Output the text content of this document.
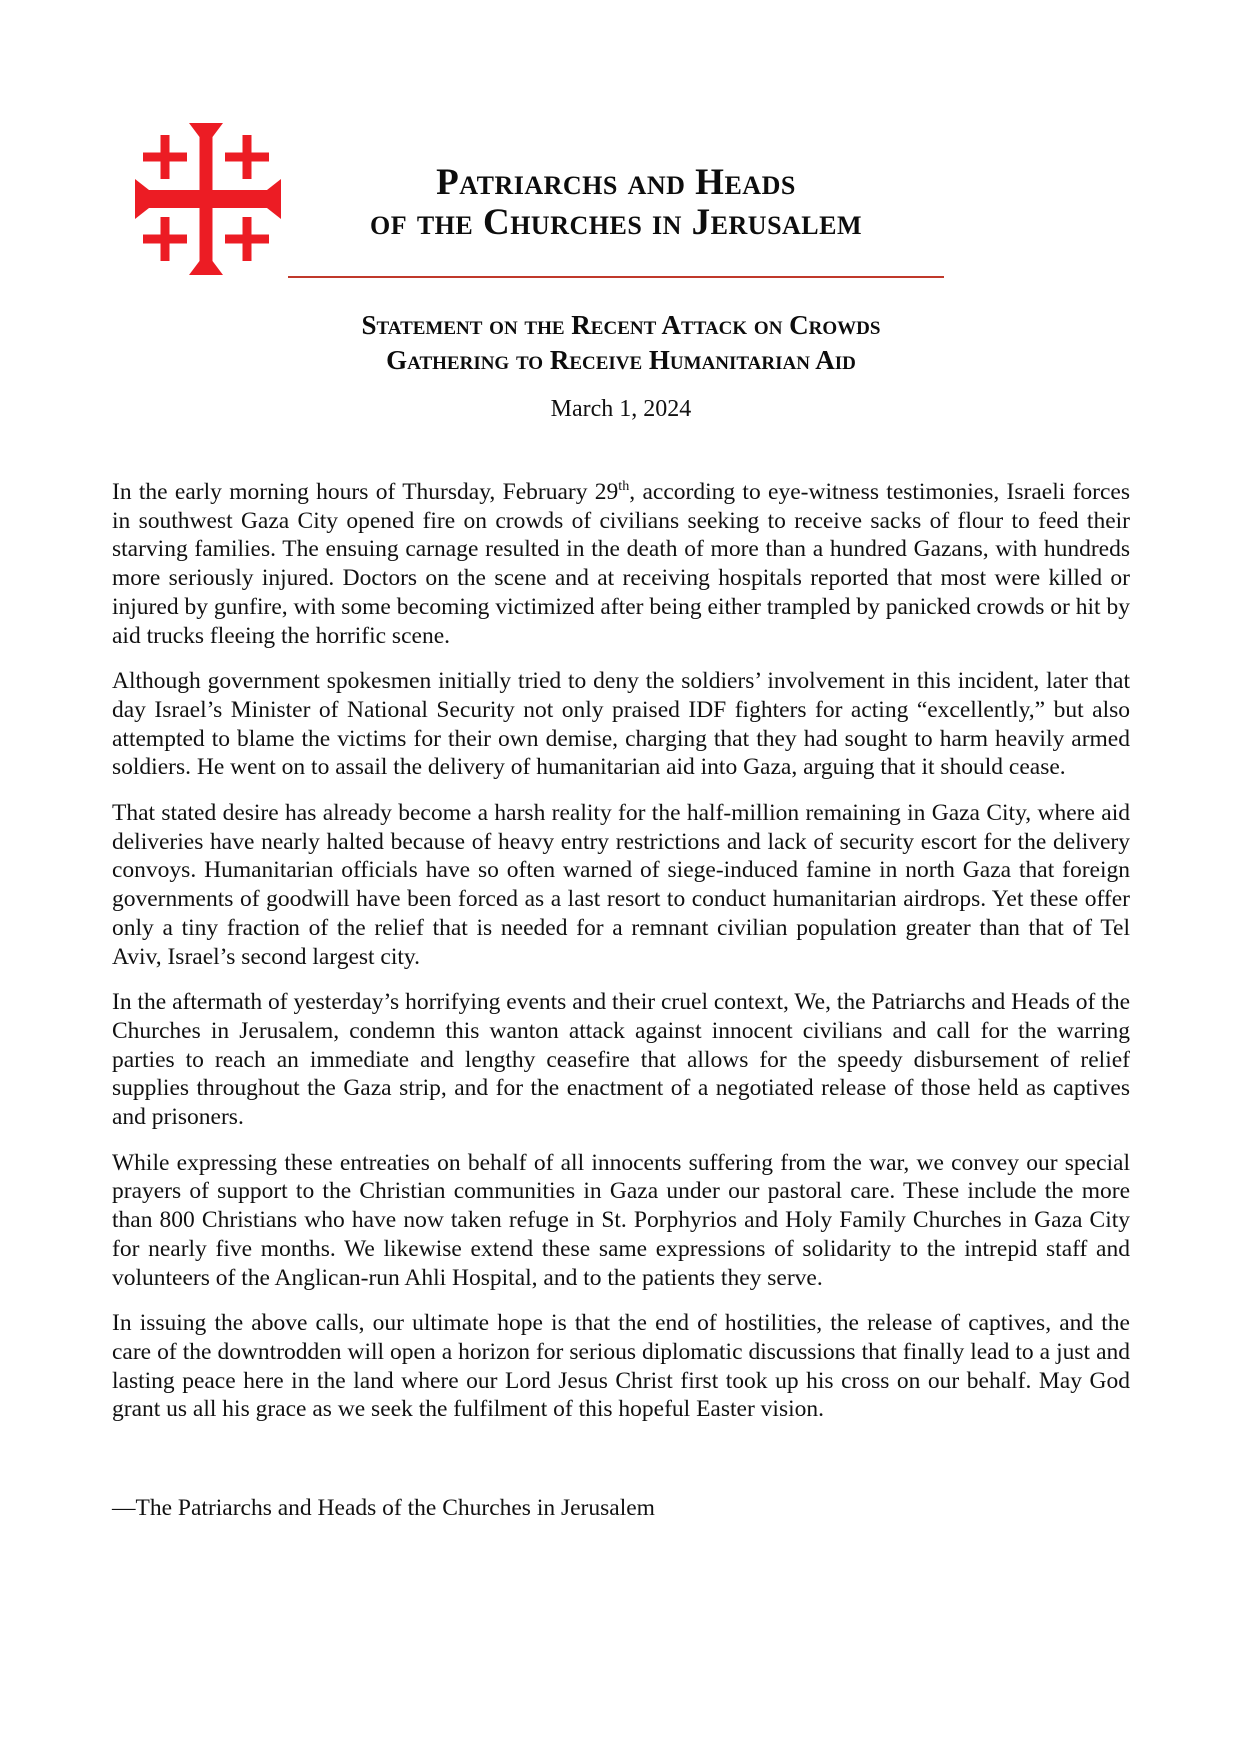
Patriarchs and Heads
of the Churches in Jerusalem
Statement on the Recent Attack on Crowds
Gathering to Receive Humanitarian Aid
March 1, 2024

In the early morning hours of Thursday, February 29th, according to eye-witness testimonies, Israeli forces in southwest Gaza City opened fire on crowds of civilians seeking to receive sacks of flour to feed their starving families. The ensuing carnage resulted in the death of more than a hundred Gazans, with hundreds more seriously injured. Doctors on the scene and at receiving hospitals reported that most were killed or injured by gunfire, with some becoming victimized after being either trampled by panicked crowds or hit by aid trucks fleeing the horrific scene.

Although government spokesmen initially tried to deny the soldiers’ involvement in this incident, later that day Israel’s Minister of National Security not only praised IDF fighters for acting “excellently,” but also attempted to blame the victims for their own demise, charging that they had sought to harm heavily armed soldiers. He went on to assail the delivery of humanitarian aid into Gaza, arguing that it should cease.

That stated desire has already become a harsh reality for the half-million remaining in Gaza City, where aid deliveries have nearly halted because of heavy entry restrictions and lack of security escort for the delivery convoys. Humanitarian officials have so often warned of siege-induced famine in north Gaza that foreign governments of goodwill have been forced as a last resort to conduct humanitarian airdrops. Yet these offer only a tiny fraction of the relief that is needed for a remnant civilian population greater than that of Tel Aviv, Israel’s second largest city.

In the aftermath of yesterday’s horrifying events and their cruel context, We, the Patriarchs and Heads of the Churches in Jerusalem, condemn this wanton attack against innocent civilians and call for the warring parties to reach an immediate and lengthy ceasefire that allows for the speedy disbursement of relief supplies throughout the Gaza strip, and for the enactment of a negotiated release of those held as captives and prisoners.

While expressing these entreaties on behalf of all innocents suffering from the war, we convey our special prayers of support to the Christian communities in Gaza under our pastoral care. These include the more than 800 Christians who have now taken refuge in St. Porphyrios and Holy Family Churches in Gaza City for nearly five months. We likewise extend these same expressions of solidarity to the intrepid staff and volunteers of the Anglican-run Ahli Hospital, and to the patients they serve.

In issuing the above calls, our ultimate hope is that the end of hostilities, the release of captives, and the care of the downtrodden will open a horizon for serious diplomatic discussions that finally lead to a just and lasting peace here in the land where our Lord Jesus Christ first took up his cross on our behalf. May God grant us all his grace as we seek the fulfilment of this hopeful Easter vision.

—The Patriarchs and Heads of the Churches in Jerusalem
